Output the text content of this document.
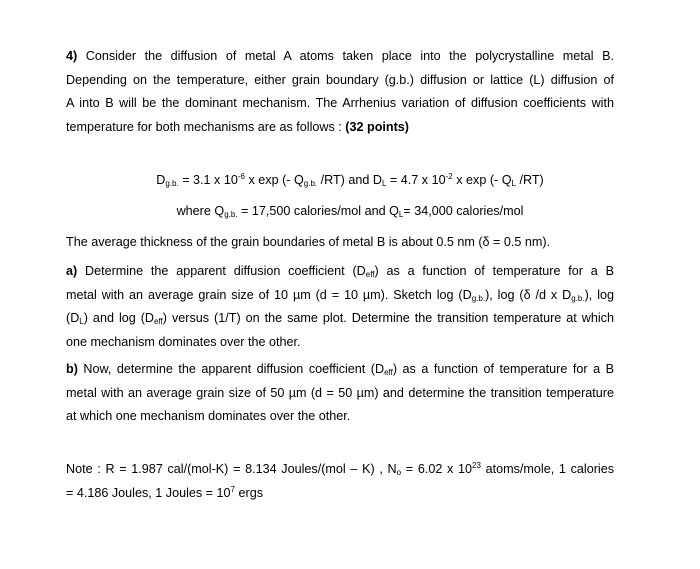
4) Consider the diffusion of metal A atoms taken place into the polycrystalline metal B.
Depending on the temperature, either grain boundary (g.b.) diffusion or lattice (L) diffusion of
A into B will be the dominant mechanism. The Arrhenius variation of diffusion coefficients with
temperature for both mechanisms are as follows : (32 points)
$D_{g.b.} = 3.1$ x $10^{-6}$ x exp (- $Q_{g.b.}$ /RT) and $D_L = 4.7$ x $10^{-2}$ x exp (- $Q_L$ /RT)
where $Q_{g.b.} = 17,500$ calories/mol and $Q_L= 34,000$ calories/mol
The average thickness of the grain boundaries of metal B is about 0.5 nm (δ = 0.5 nm).
a) Determine the apparent diffusion coefficient $(D_{eff})$ as a function of temperature for a B
metal with an average grain size of 10 µm (d = 10 µm). Sketch $\log (D_{g.b.})$, log (δ /d x $D_{g.b.}$), log
$(D_L)$ and $\log (D_{eff})$ versus (1/T) on the same plot. Determine the transition temperature at which
one mechanism dominates over the other.
b) Now, determine the apparent diffusion coefficient $(D_{eff})$ as a function of temperature for a B
metal with an average grain size of 50 µm (d = 50 µm) and determine the transition temperature
at which one mechanism dominates over the other.
Note : R = 1.987 cal/(mol-K) = 8.134 Joules/(mol – K) , $N_o = 6.02$ x $10^{23}$ atoms/mole, 1 calories
= 4.186 Joules, 1 Joules = $10^7$ ergs
